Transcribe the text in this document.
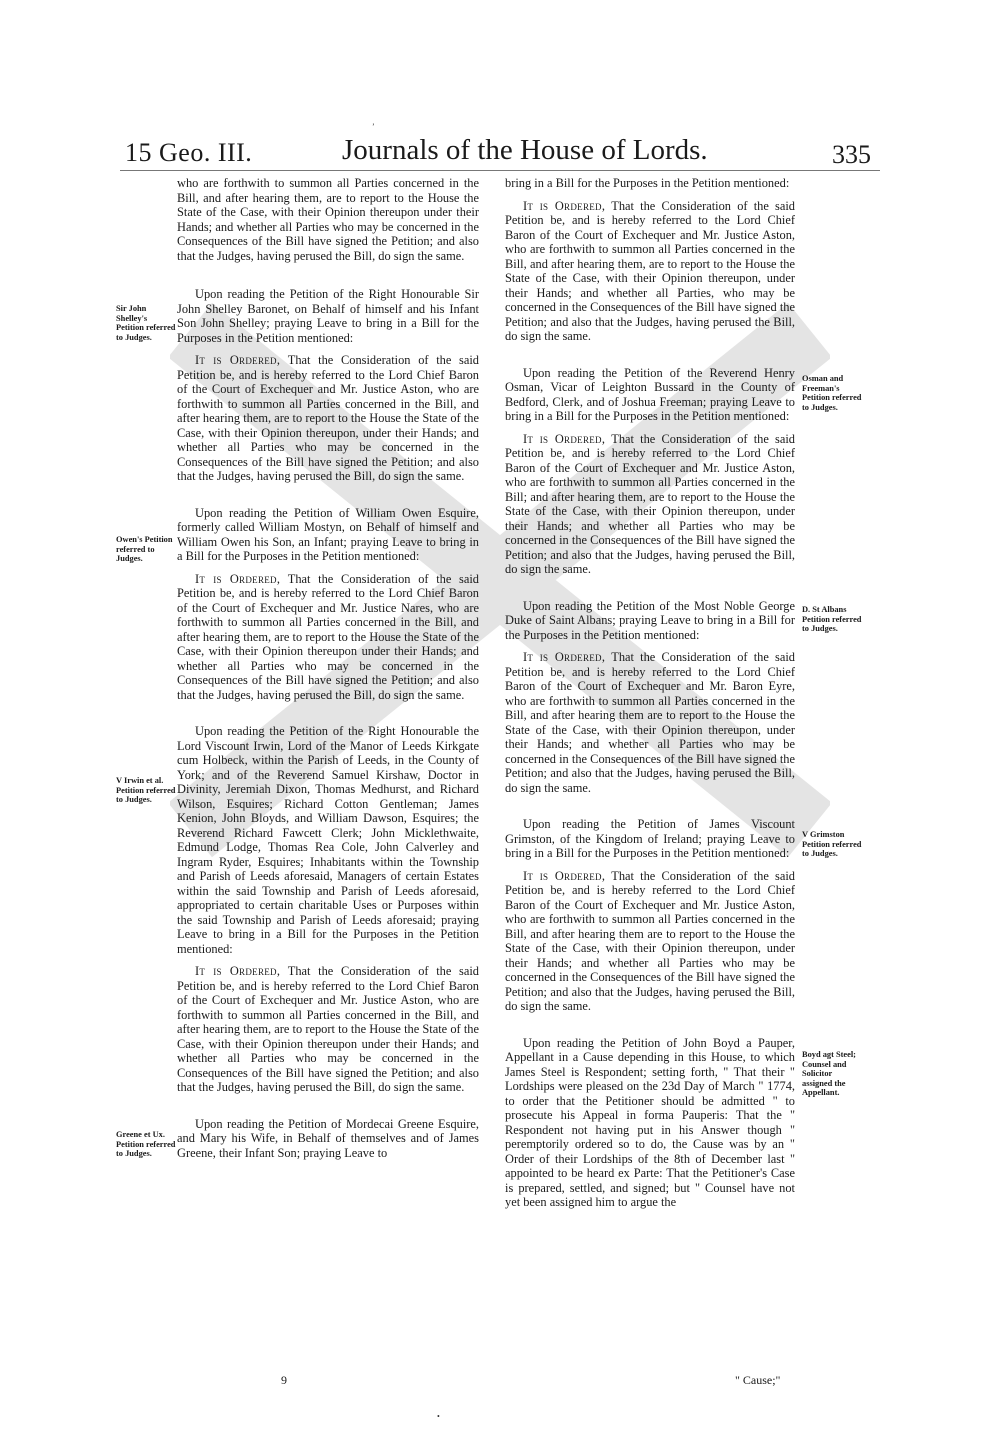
15 Geo. III.	Journals of the House of Lords.	335
Sir John Shelley's Petition referred to Judges.
Owen's Petition referred to Judges.
V Irwin et al. Petition referred to Judges.
Greene et Ux. Petition referred to Judges.
Osman and Freeman's Petition referred to Judges.
D. St Albans Petition referred to Judges.
V Grimston Petition referred to Judges.
Boyd agt Steel; Counsel and Solicitor assigned the Appellant.

who are forthwith to summon all Parties concerned in the Bill, and after hearing them, are to report to the House the State of the Case, with their Opinion thereupon under their Hands; and whether all Parties who may be concerned in the Consequences of the Bill have signed the Petition; and also that the Judges, having perused the Bill, do sign the same.

Upon reading the Petition of the Right Honourable Sir John Shelley Baronet, on Behalf of himself and his Infant Son John Shelley; praying Leave to bring in a Bill for the Purposes in the Petition mentioned:

It is Ordered, That the Consideration of the said Petition be, and is hereby referred to the Lord Chief Baron of the Court of Exchequer and Mr. Justice Aston, who are forthwith to summon all Parties concerned in the Bill, and after hearing them, are to report to the House the State of the Case, with their Opinion thereupon, under their Hands; and whether all Parties who may be concerned in the Consequences of the Bill have signed the Petition; and also that the Judges, having perused the Bill, do sign the same.

Upon reading the Petition of William Owen Esquire, formerly called William Mostyn, on Behalf of himself and William Owen his Son, an Infant; praying Leave to bring in a Bill for the Purposes in the Petition mentioned:

It is Ordered, That the Consideration of the said Petition be, and is hereby referred to the Lord Chief Baron of the Court of Exchequer and Mr. Justice Nares, who are forthwith to summon all Parties concerned in the Bill, and after hearing them, are to report to the House the State of the Case, with their Opinion thereupon under their Hands; and whether all Parties who may be concerned in the Consequences of the Bill have signed the Petition; and also that the Judges, having perused the Bill, do sign the same.

Upon reading the Petition of the Right Honourable the Lord Viscount Irwin, Lord of the Manor of Leeds Kirkgate cum Holbeck, within the Parish of Leeds, in the County of York; and of the Reverend Samuel Kirshaw, Doctor in Divinity, Jeremiah Dixon, Thomas Medhurst, and Richard Wilson, Esquires; Richard Cotton Gentleman; James Kenion, John Bloyds, and William Dawson, Esquires; the Reverend Richard Fawcett Clerk; John Micklethwaite, Edmund Lodge, Thomas Rea Cole, John Calverley and Ingram Ryder, Esquires; Inhabitants within the Township and Parish of Leeds aforesaid, Managers of certain Estates within the said Township and Parish of Leeds aforesaid, appropriated to certain charitable Uses or Purposes within the said Township and Parish of Leeds aforesaid; praying Leave to bring in a Bill for the Purposes in the Petition mentioned:

It is Ordered, That the Consideration of the said Petition be, and is hereby referred to the Lord Chief Baron of the Court of Exchequer and Mr. Justice Aston, who are forthwith to summon all Parties concerned in the Bill, and after hearing them, are to report to the House the State of the Case, with their Opinion thereupon under their Hands; and whether all Parties who may be concerned in the Consequences of the Bill have signed the Petition; and also that the Judges, having perused the Bill, do sign the same.

Upon reading the Petition of Mordecai Greene Esquire, and Mary his Wife, in Behalf of themselves and of James Greene, their Infant Son; praying Leave to

bring in a Bill for the Purposes in the Petition mentioned:

It is Ordered, That the Consideration of the said Petition be, and is hereby referred to the Lord Chief Baron of the Court of Exchequer and Mr. Justice Aston, who are forthwith to summon all Parties concerned in the Bill, and after hearing them, are to report to the House the State of the Case, with their Opinion thereupon, under their Hands; and whether all Parties, who may be concerned in the Consequences of the Bill have signed the Petition; and also that the Judges, having perused the Bill, do sign the same.

Upon reading the Petition of the Reverend Henry Osman, Vicar of Leighton Bussard in the County of Bedford, Clerk, and of Joshua Freeman; praying Leave to bring in a Bill for the Purposes in the Petition mentioned:

It is Ordered, That the Consideration of the said Petition be, and is hereby referred to the Lord Chief Baron of the Court of Exchequer and Mr. Justice Aston, who are forthwith to summon all Parties concerned in the Bill; and after hearing them, are to report to the House the State of the Case, with their Opinion thereupon, under their Hands; and whether all Parties who may be concerned in the Consequences of the Bill have signed the Petition; and also that the Judges, having perused the Bill, do sign the same.

Upon reading the Petition of the Most Noble George Duke of Saint Albans; praying Leave to bring in a Bill for the Purposes in the Petition mentioned:

It is Ordered, That the Consideration of the said Petition be, and is hereby referred to the Lord Chief Baron of the Court of Exchequer and Mr. Baron Eyre, who are forthwith to summon all Parties concerned in the Bill, and after hearing them are to report to the House the State of the Case, with their Opinion thereupon, under their Hands; and whether all Parties who may be concerned in the Consequences of the Bill have signed the Petition; and also that the Judges, having perused the Bill, do sign the same.

Upon reading the Petition of James Viscount Grimston, of the Kingdom of Ireland; praying Leave to bring in a Bill for the Purposes in the Petition mentioned:

It is Ordered, That the Consideration of the said Petition be, and is hereby referred to the Lord Chief Baron of the Court of Exchequer and Mr. Justice Aston, who are forthwith to summon all Parties concerned in the Bill, and after hearing them are to report to the House the State of the Case, with their Opinion thereupon, under their Hands; and whether all Parties who may be concerned in the Consequences of the Bill have signed the Petition; and also that the Judges, having perused the Bill, do sign the same.

Upon reading the Petition of John Boyd a Pauper, Appellant in a Cause depending in this House, to which James Steel is Respondent; setting forth, " That their " Lordships were pleased on the 23d Day of March " 1774, to order that the Petitioner should be admitted " to prosecute his Appeal in forma Pauperis: That the " Respondent not having put in his Answer though " peremptorily ordered so to do, the Cause was by an " Order of their Lordships of the 8th of December last " appointed to be heard ex Parte: That the Petitioner's Case is prepared, settled, and signed; but " Counsel have not yet been assigned him to argue the

9	" Cause;"
’
•
